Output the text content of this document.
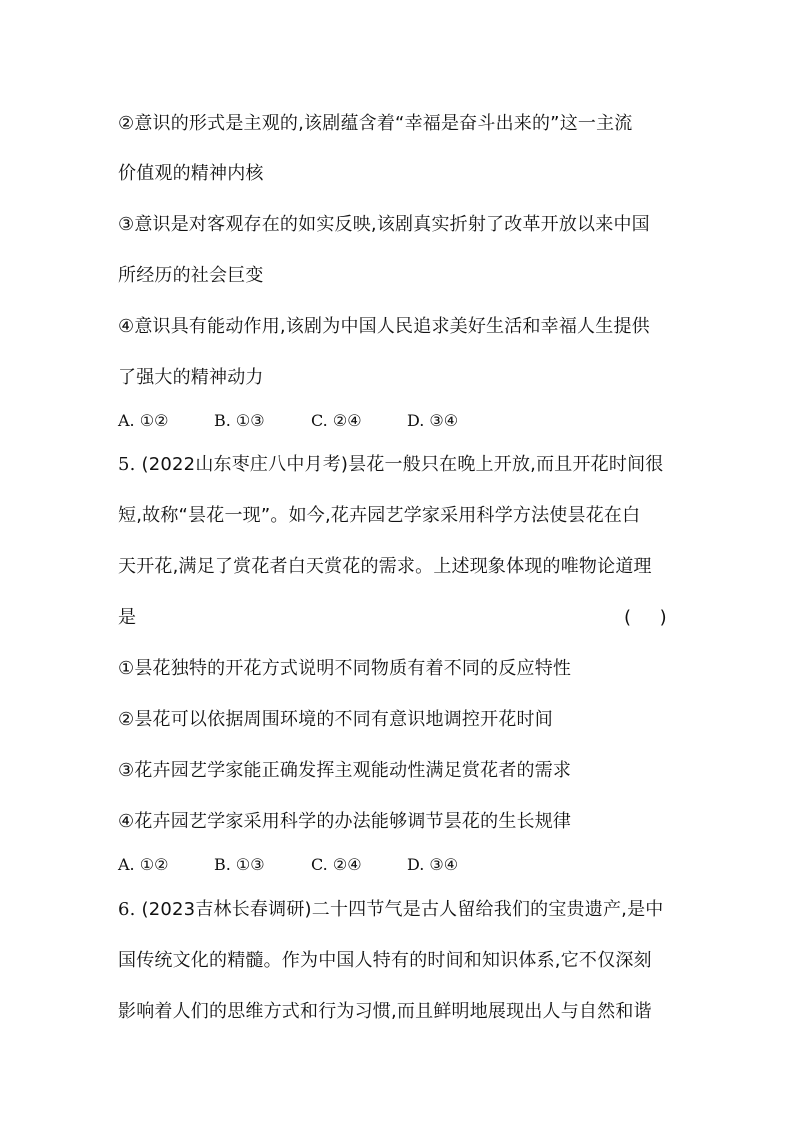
②意识的形式是主观的,该剧蕴含着“幸福是奋斗出来的”这一主流
价值观的精神内核
③意识是对客观存在的如实反映,该剧真实折射了改革开放以来中国
所经历的社会巨变
④意识具有能动作用,该剧为中国人民追求美好生活和幸福人生提供
了强大的精神动力
A. ①②	B. ①③	C. ②④	D. ③④
5. (2022山东枣庄八中月考)昙花一般只在晚上开放,而且开花时间很
短,故称“昙花一现”。如今,花卉园艺学家采用科学方法使昙花在白
天开花,满足了赏花者白天赏花的需求。上述现象体现的唯物论道理
是	(     )
①昙花独特的开花方式说明不同物质有着不同的反应特性
②昙花可以依据周围环境的不同有意识地调控开花时间
③花卉园艺学家能正确发挥主观能动性满足赏花者的需求
④花卉园艺学家采用科学的办法能够调节昙花的生长规律
A. ①②	B. ①③	C. ②④	D. ③④
6. (2023吉林长春调研)二十四节气是古人留给我们的宝贵遗产,是中
国传统文化的精髓。作为中国人特有的时间和知识体系,它不仅深刻
影响着人们的思维方式和行为习惯,而且鲜明地展现出人与自然和谐
